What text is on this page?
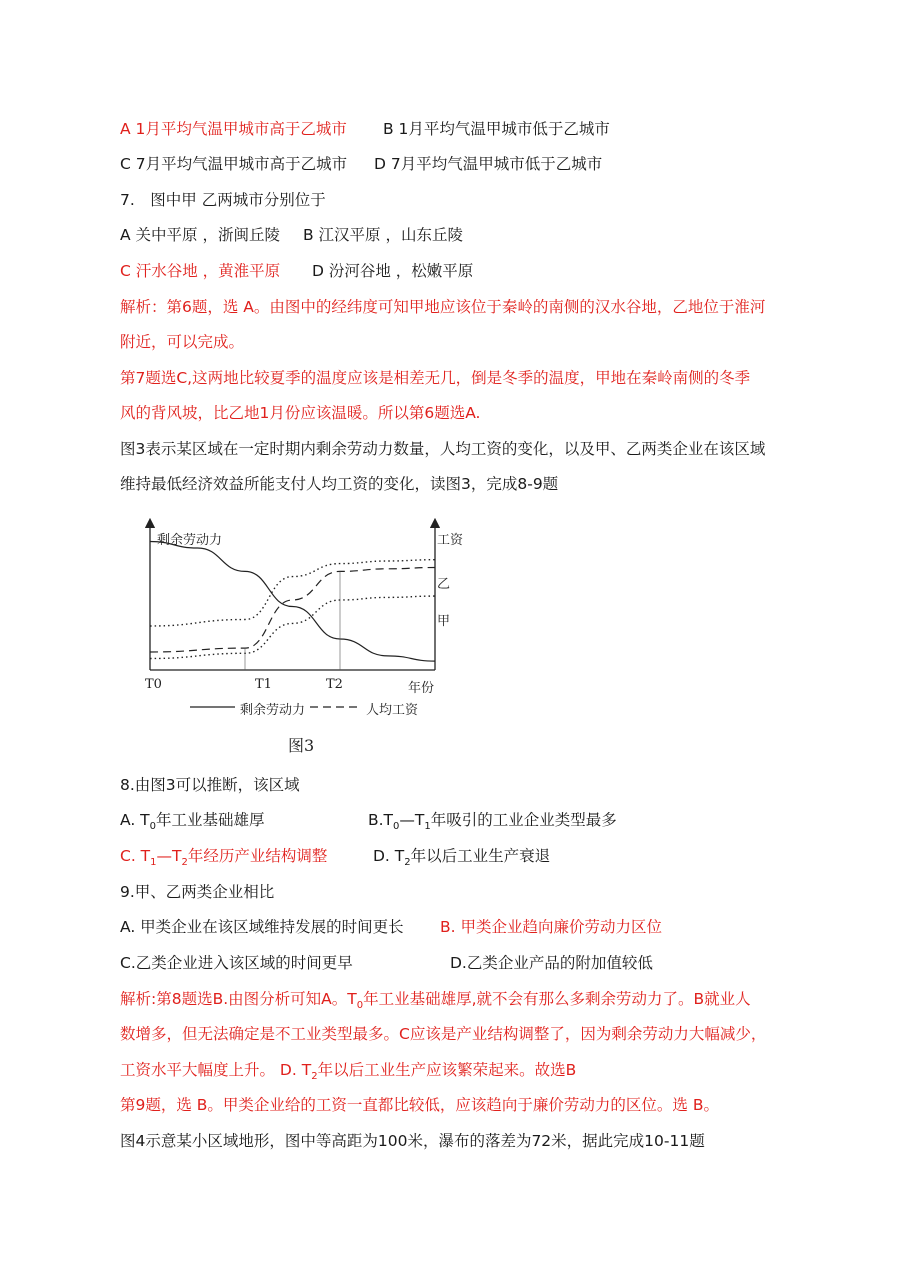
A 1月平均气温甲城市高于乙城市 B 1月平均气温甲城市低于乙城市
C 7月平均气温甲城市高于乙城市 D 7月平均气温甲城市低于乙城市
7.　图中甲 乙两城市分别位于
A 关中平原 ，浙闽丘陵 B 江汉平原 ，山东丘陵
C 汗水谷地 ，黄淮平原 D 汾河谷地 ，松嫩平原
解析：第6题，选 A。由图中的经纬度可知甲地应该位于秦岭的南侧的汉水谷地，乙地位于淮河
附近，可以完成。
第7题选C,这两地比较夏季的温度应该是相差无几，倒是冬季的温度，甲地在秦岭南侧的冬季
风的背风坡，比乙地1月份应该温暖。所以第6题选A.
图3表示某区域在一定时期内剩余劳动力数量，人均工资的变化，以及甲、乙两类企业在该区域
维持最低经济效益所能支付人均工资的变化，读图3，完成8-9题
剩余劳动力	工资
乙
甲
T0	T1	T2	年份
剩余劳动力	人均工资
图3
8.由图3可以推断，该区域
A. $T_0$年工业基础雄厚	$B.T_0—T_1$年吸引的工业企业类型最多
C. $T_1—T_2$年经历产业结构调整	D. $T_2$年以后工业生产衰退
9.甲、乙两类企业相比
A. 甲类企业在该区域维持发展的时间更长 B. 甲类企业趋向廉价劳动力区位
C.乙类企业进入该区域的时间更早	D.乙类企业产品的附加值较低
解析:第8题选B.由图分析可知A。$T_0$年工业基础雄厚,就不会有那么多剩余劳动力了。B就业人
数增多，但无法确定是不工业类型最多。C应该是产业结构调整了，因为剩余劳动力大幅减少，
工资水平大幅度上升。 D. $T_2$年以后工业生产应该繁荣起来。故选B
第9题，选 B。甲类企业给的工资一直都比较低，应该趋向于廉价劳动力的区位。选 B。
图4示意某小区域地形，图中等高距为100米，瀑布的落差为72米，据此完成10-11题
